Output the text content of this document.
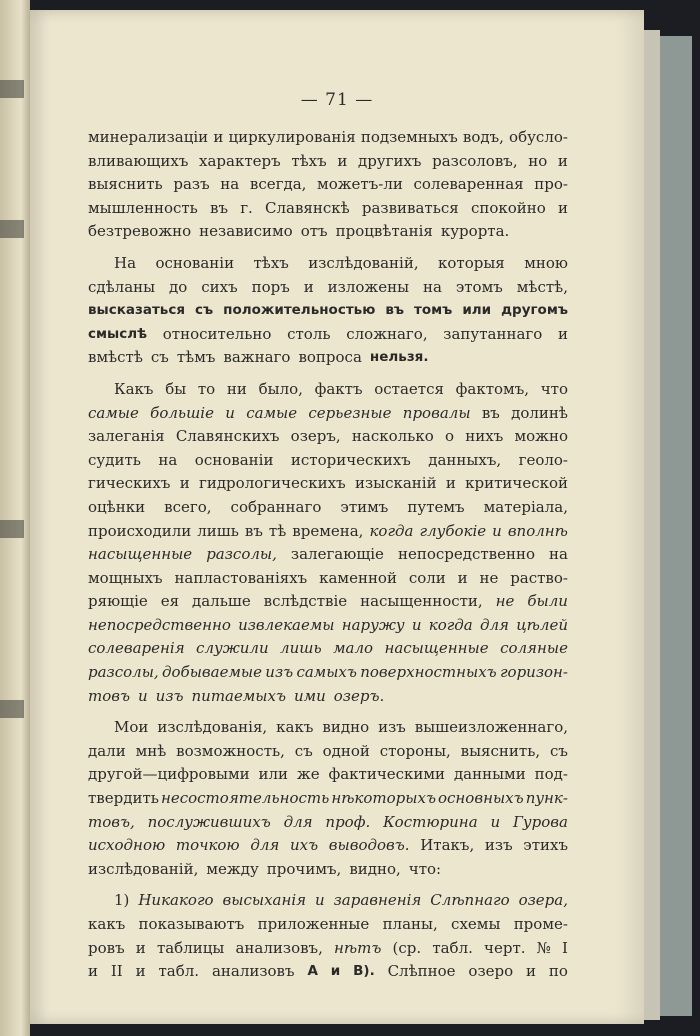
— 71 —
минерализаціи и циркулированія подземныхъ водъ, обусло-
вливающихъ характеръ тѣхъ и другихъ разсоловъ, но и
выяснить разъ на всегда, можетъ-ли солеваренная про-
мышленность въ г. Славянскѣ развиваться спокойно и
безтревожно независимо отъ процвѣтанія курорта.
На основаніи тѣхъ изслѣдованій, которыя мною
сдѣланы до сихъ поръ и изложены на этомъ мѣстѣ,
высказаться съ положительностью въ томъ или другомъ
смыслѣ относительно столь сложнаго, запутаннаго и
вмѣстѣ съ тѣмъ важнаго вопроса нельзя.
Какъ бы то ни было, фактъ остается фактомъ, что
самые большіе и самые серьезные провалы въ долинѣ
залеганія Славянскихъ озеръ, насколько о нихъ можно
судить на основаніи историческихъ данныхъ, геоло-
гическихъ и гидрологическихъ изысканій и критической
оцѣнки всего, собраннаго этимъ путемъ матеріала,
происходили лишь въ тѣ времена, когда глубокіе и вполнѣ
насыщенные разсолы, залегающіе непосредственно на
мощныхъ напластованіяхъ каменной соли и не раство-
ряющіе ея дальше вслѣдствіе насыщенности, не были
непосредственно извлекаемы наружу и когда для цѣлей
солеваренія служили лишь мало насыщенные соляные
разсолы, добываемые изъ самыхъ поверхностныхъ горизон-
товъ и изъ питаемыхъ ими озеръ.
Мои изслѣдованія, какъ видно изъ вышеизложеннаго,
дали мнѣ возможность, съ одной стороны, выяснить, съ
другой—цифровыми или же фактическими данными под-
твердить несостоятельность нѣкоторыхъ основныхъ пунк-
товъ, послужившихъ для проф. Костюрина и Гурова
исходною точкою для ихъ выводовъ. Итакъ, изъ этихъ
изслѣдованій, между прочимъ, видно, что:
1) Никакого высыханія и заравненія Слѣпнаго озера,
какъ показываютъ приложенные планы, схемы проме-
ровъ и таблицы анализовъ, нѣтъ (ср. табл. черт. № I
и II и табл. анализовъ А и В). Слѣпное озеро и по
